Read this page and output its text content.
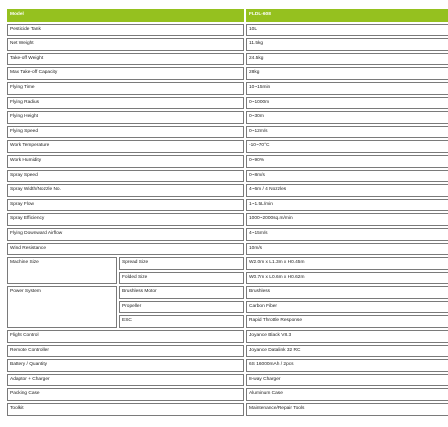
Model		FLDL-608
Pesticide Tank		10L
Net Weight		11.5kg
Take-off Weight		24.5kg
Max Take-off Capacity		28kg
Flying Time		10~15min
Flying Radius		0~1000m
Flying Height		0~30m
Flying Speed		0~12m/s
Work Temperature		-10~70°C
Work Humidity		0~90%
Spray Speed		0~8m/s
Spray Width/Nozzle No.		4~6m / 4 Nozzles
Spray Flow		1~1.5L/min
Spray Efficiency		1000~2000sq.m/min
Flying Downward Airflow		4~15m/s
Wind Resistance		10m/s
Machine Size	Spread Size	W2.0m x L1.3m x H0.45m
	Folded Size	W0.7m x L0.6m x H0.62m
Power System	Brushless Motor	Brushless
	Propeller	Carbon Fiber
	ESC	Rapid Throttle Response
Flight Control		Joyance Black V8.3
Remote Controller		Joyance Datalink 32 RC
Battery / Quantity		6S 16000mAh / 2pcs
Adaptor + Charger		8-way Charger
Packing Case		Aluminum Case
Toolkit		Maintenance/Repair Tools
